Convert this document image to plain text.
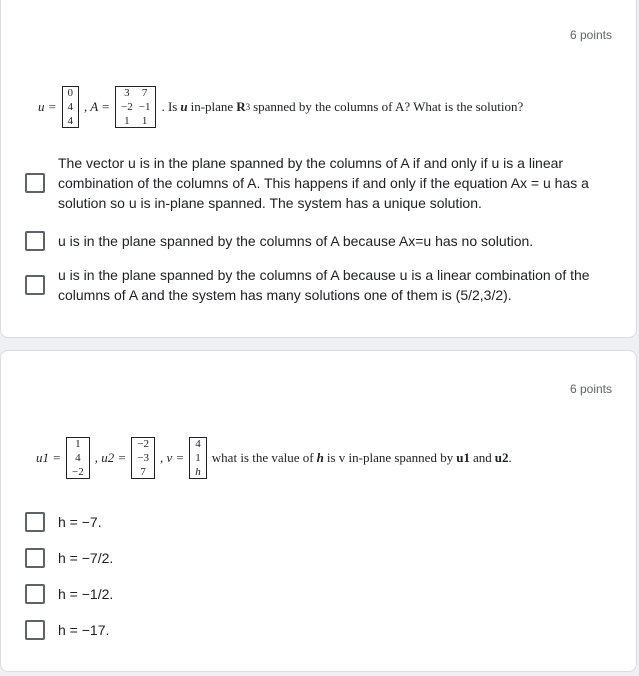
6 points
u =
0
4
4
, A =
3	7
−2 −1
1	1
. Is u in-plane R 3 spanned by the columns of A? What is the solution?
The vector u is in the plane spanned by the columns of A if and only if u is a linear combination of the columns of A. This happens if and only if the equation Ax = u has a solution so u is in-plane spanned. The system has a unique solution.
u is in the plane spanned by the columns of A because Ax=u has no solution.
u is in the plane spanned by the columns of A because u is a linear combination of the columns of A and the system has many solutions one of them is (5/2,3/2).
6 points
u1 =
1
4
−2
, u2 =
−2
−3
7
, v =
4
1
h
what is the value of h is v in-plane spanned by u1 and u2 .
h = −7.
h = −7/2.
h = −1/2.
h = −17.
